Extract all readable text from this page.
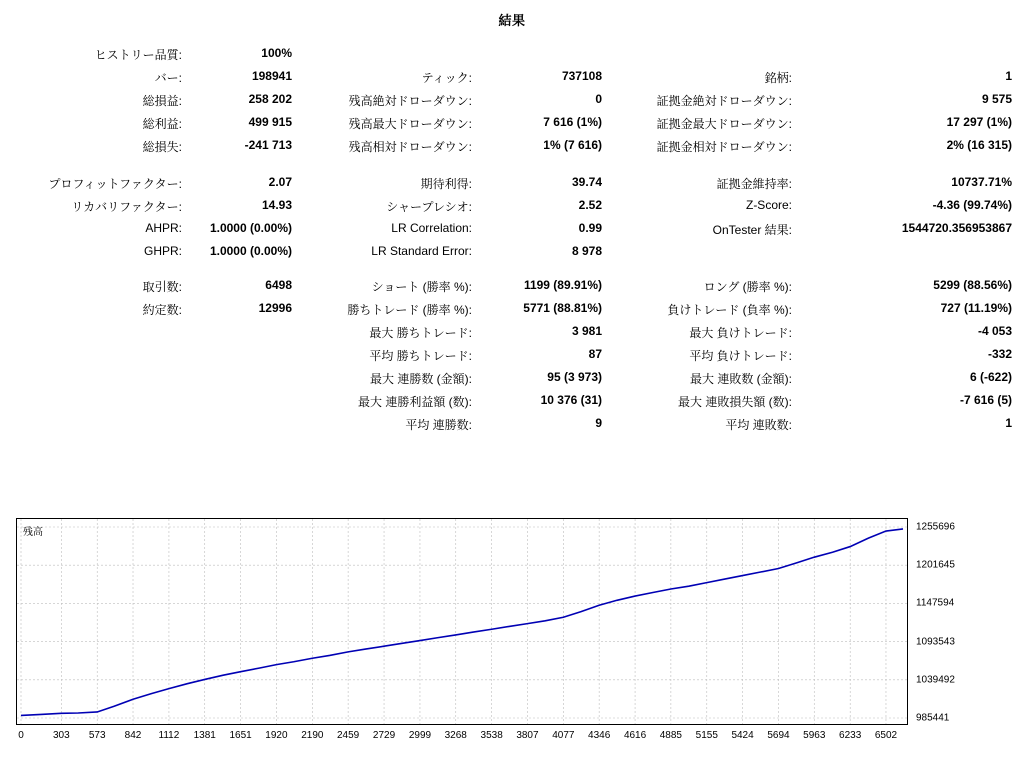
結果
ヒストリー品質:	100%				
バー:	198941	ティック:	737108	銘柄:	1
総損益:	258 202	残高絶対ドローダウン:	0	証拠金絶対ドローダウン:	9 575
総利益:	499 915	残高最大ドローダウン:	7 616 (1%)	証拠金最大ドローダウン:	17 297 (1%)
総損失:	-241 713	残高相対ドローダウン:	1% (7 616)	証拠金相対ドローダウン:	2% (16 315)

プロフィットファクター:	2.07	期待利得:	39.74	証拠金維持率:	10737.71%
リカバリファクター:	14.93	シャープレシオ:	2.52	Z-Score:	-4.36 (99.74%)
AHPR:	1.0000 (0.00%)	LR Correlation:	0.99	OnTester 結果:	1544720.356953867
GHPR:	1.0000 (0.00%)	LR Standard Error:	8 978		

取引数:	6498	ショート (勝率 %):	1199 (89.91%)	ロング (勝率 %):	5299 (88.56%)
約定数:	12996	勝ちトレード (勝率 %):	5771 (88.81%)	負けトレード (負率 %):	727 (11.19%)
		最大 勝ちトレード:	3 981	最大 負けトレード:	-4 053
		平均 勝ちトレード:	87	平均 負けトレード:	-332
		最大 連勝数 (金額):	95 (3 973)	最大 連敗数 (金額):	6 (-622)
		最大 連勝利益額 (数):	10 376 (31)	最大 連敗損失額 (数):	-7 616 (5)
		平均 連勝数:	9	平均 連敗数:	1
残高	1255696
1201645
1147594
1093543
1039492
985441
0	303 573 842 1112 1381 1651 1920 2190 2459 2729 2999 3268 3538 3807 4077 4346 4616 4885 5155 5424 5694 5963 6233 6502
